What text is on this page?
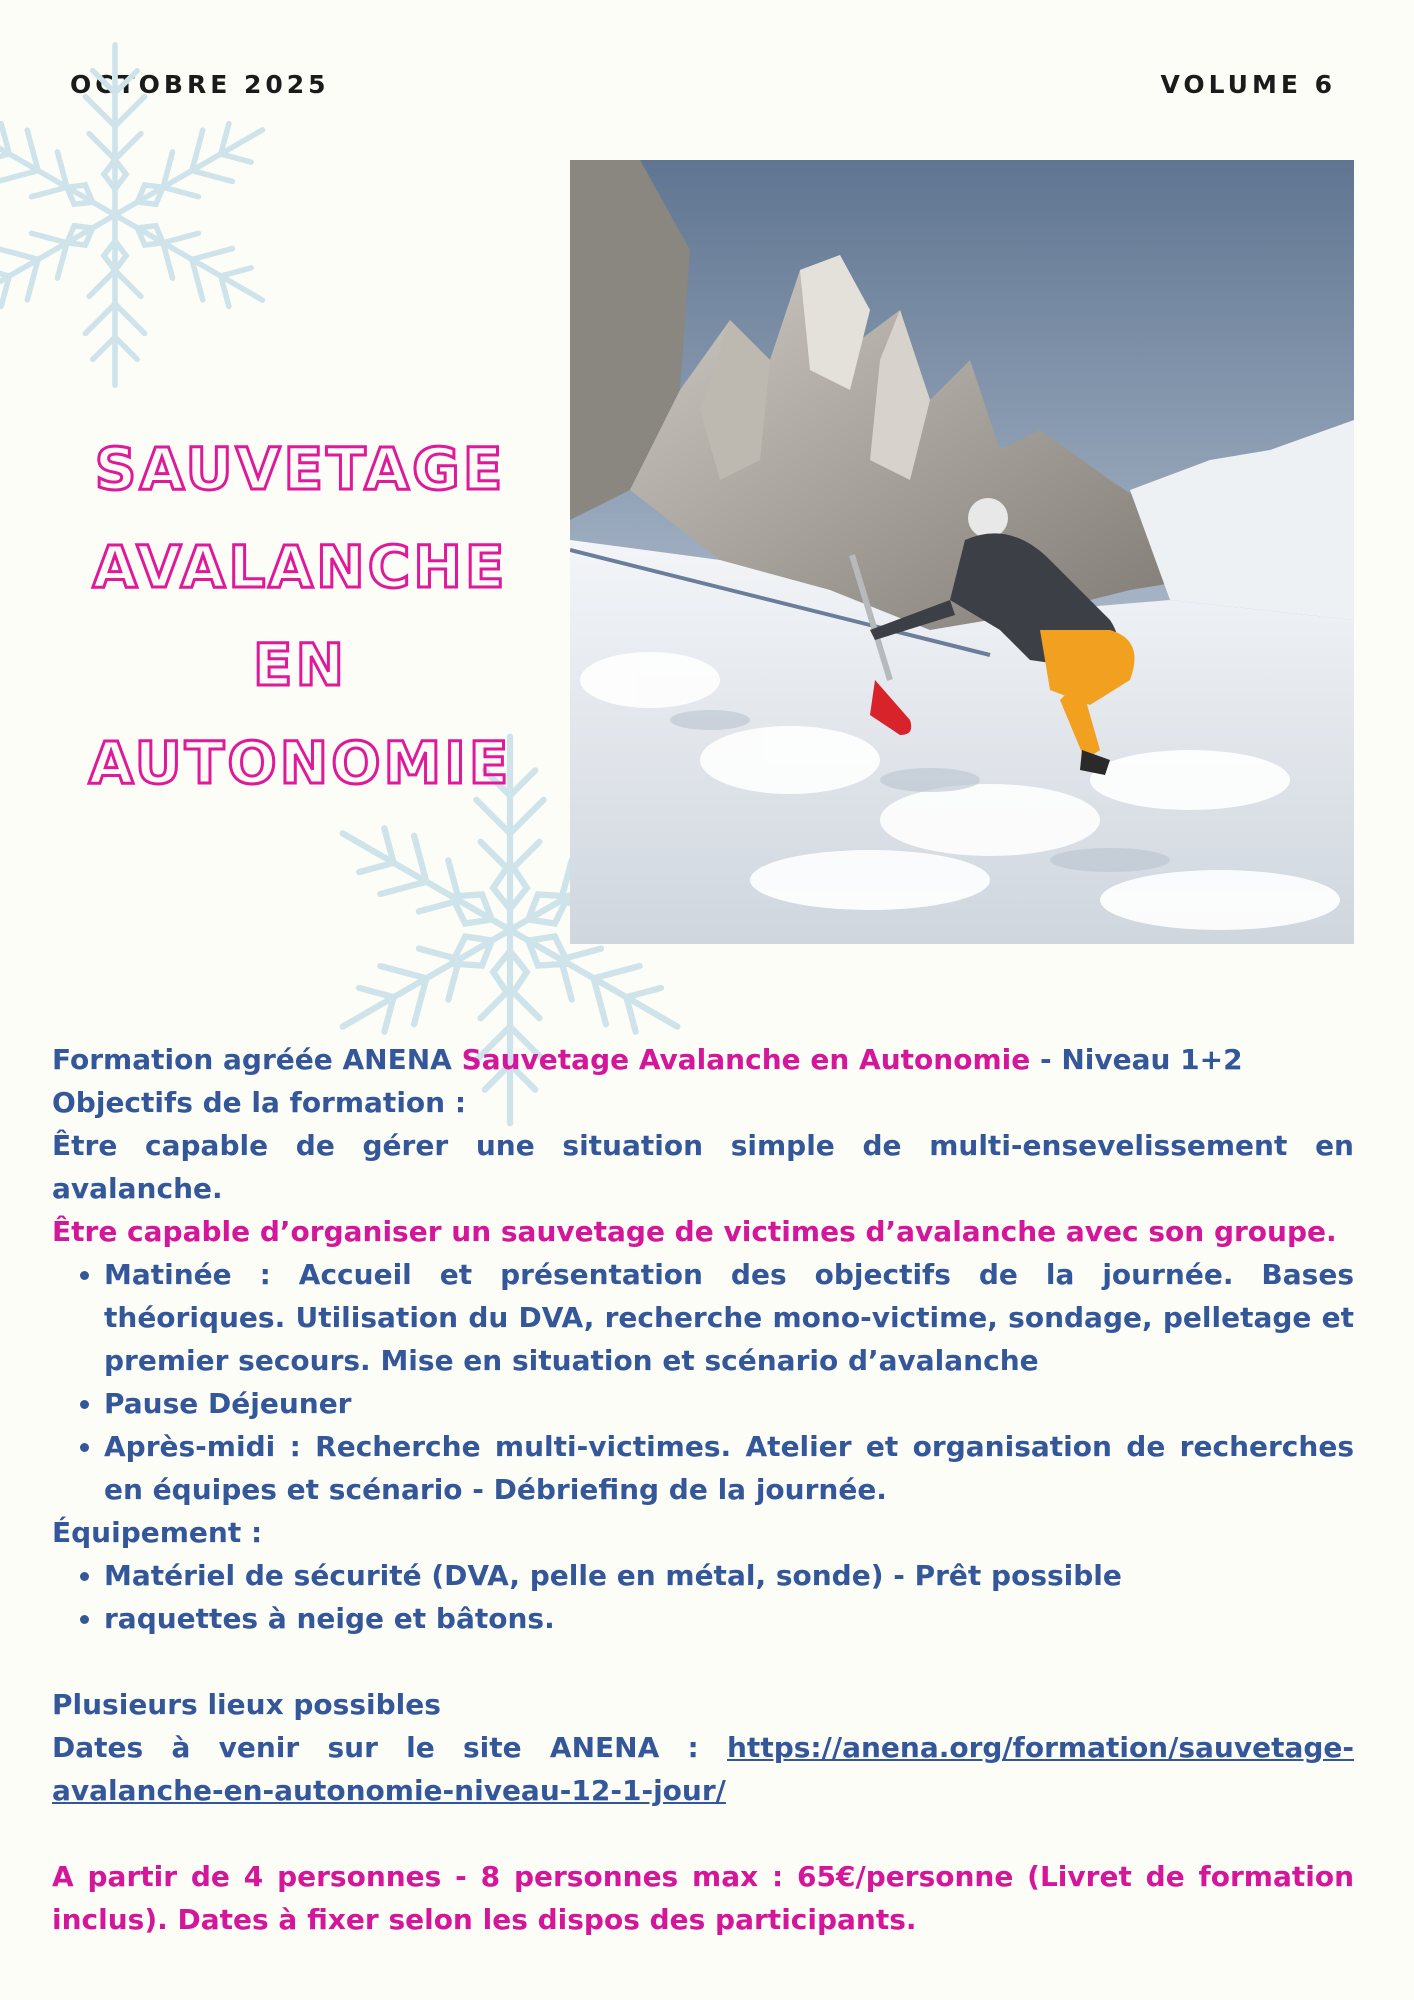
OCTOBRE 2025	VOLUME 6
SAUVETAGE
AVALANCHE EN
AUTONOMIE

Formation agréée ANENA Sauvetage Avalanche en Autonomie - Niveau 1+2

Objectifs de la formation :

Être capable de gérer une situation simple de multi-ensevelissement en avalanche.

Être capable d’organiser un sauvetage de victimes d’avalanche avec son groupe.

• Matinée : Accueil et présentation des objectifs de la journée. Bases théoriques. Utilisation du DVA, recherche mono-victime, sondage, pelletage et premier secours. Mise en situation et scénario d’avalanche
• Pause Déjeuner
• Après-midi : Recherche multi-victimes. Atelier et organisation de recherches en équipes et scénario - Débriefing de la journée.

Équipement :

• Matériel de sécurité (DVA, pelle en métal, sonde) - Prêt possible
• raquettes à neige et bâtons.

Plusieurs lieux possibles

Dates à venir sur le site ANENA : https://anena.org/formation/sauvetage-avalanche-en-autonomie-niveau-12-1-jour/

A partir de 4 personnes - 8 personnes max : 65€/personne (Livret de formation inclus). Dates à fixer selon les dispos des participants.
